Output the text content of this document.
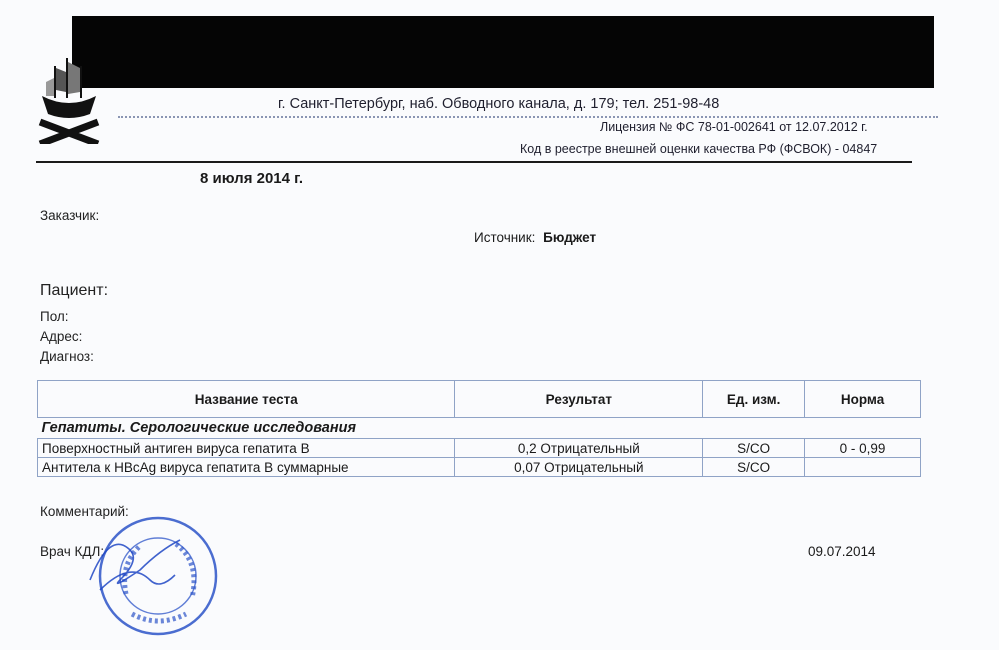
г. Санкт-Петербург, наб. Обводного канала, д. 179; тел. 251-98-48
Лицензия № ФС 78-01-002641 от 12.07.2012 г.
Код в реестре внешней оценки качества РФ (ФСВОК) - 04847
8 июля 2014 г.
Заказчик:
Источник: Бюджет
Пациент:
Пол:
Адрес:
Диагноз:
Название теста	Результат	Ед. изм.	Норма
Гепатиты. Серологические исследования			
Поверхностный антиген вируса гепатита В	0,2 Отрицательный	S/CO	0 - 0,99
Антитела к HBcAg вируса гепатита В суммарные	0,07 Отрицательный	S/CO	
Комментарий:
Врач КДЛ:	09.07.2014
